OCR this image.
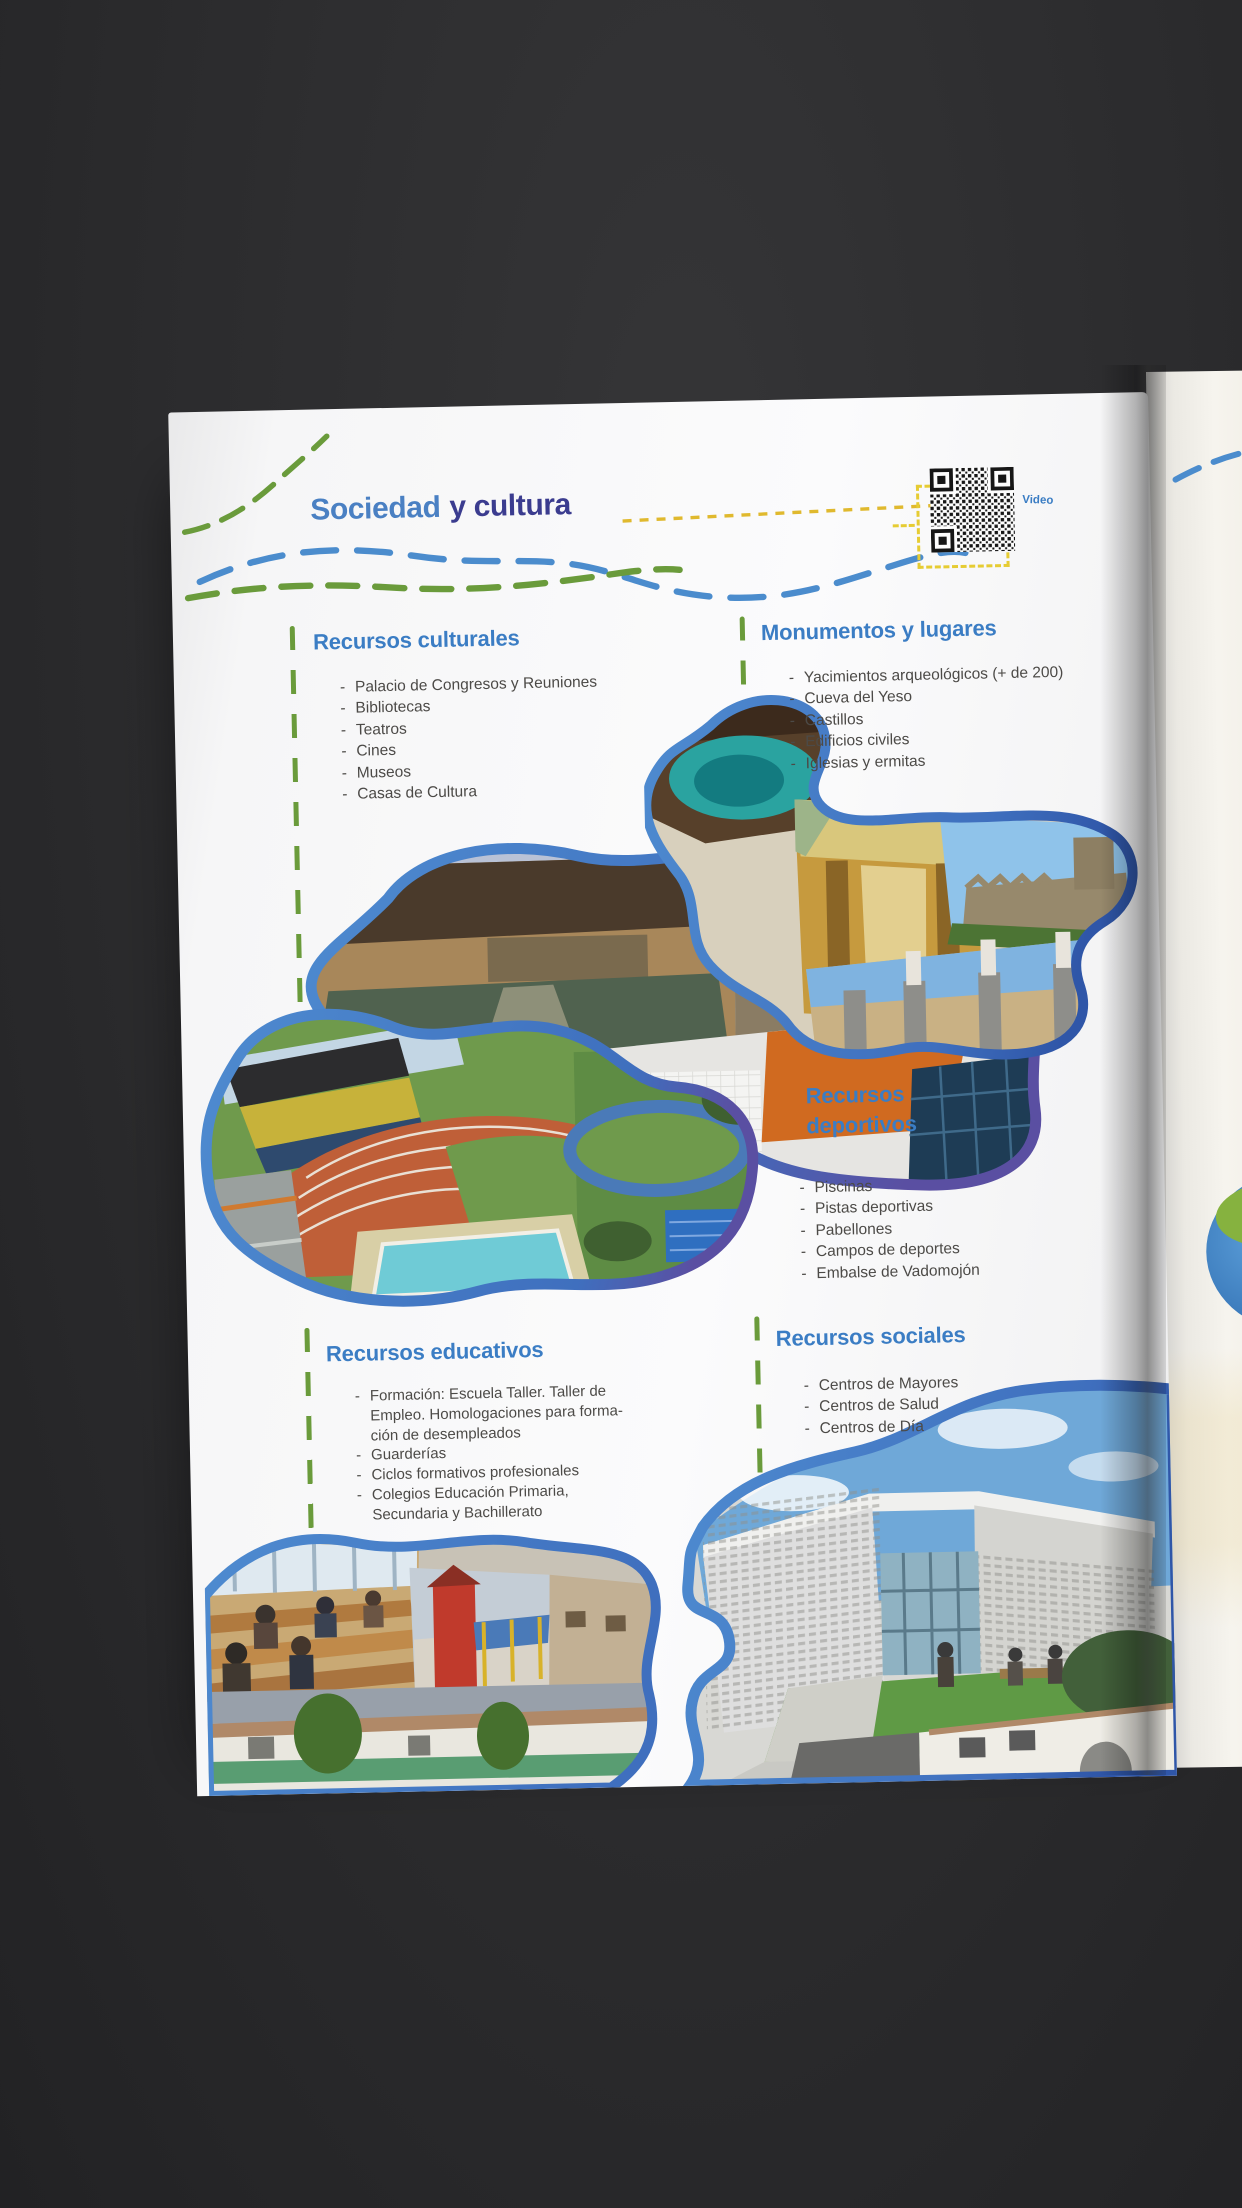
Sociedad y cultura	Video
Recursos culturales
- Palacio de Congresos y Reuniones
- Bibliotecas
- Teatros
- Cines
- Museos
- Casas de Cultura
Monumentos y lugares
- Yacimientos arqueológicos (+ de 200)
- Cueva del Yeso
- Castillos
- Edificios civiles
- Iglesias y ermitas
Recursos
deportivos
- Piscinas
- Pistas deportivas
- Pabellones
- Campos de deportes
- Embalse de Vadomojón
Recursos educativos
- Formación: Escuela Taller. Taller de
Empleo. Homologaciones para forma-
ción de desempleados
- Guarderías
- Ciclos formativos profesionales
- Colegios Educación Primaria,
Secundaria y Bachillerato
Recursos sociales
- Centros de Mayores
- Centros de Salud
- Centros de Día
